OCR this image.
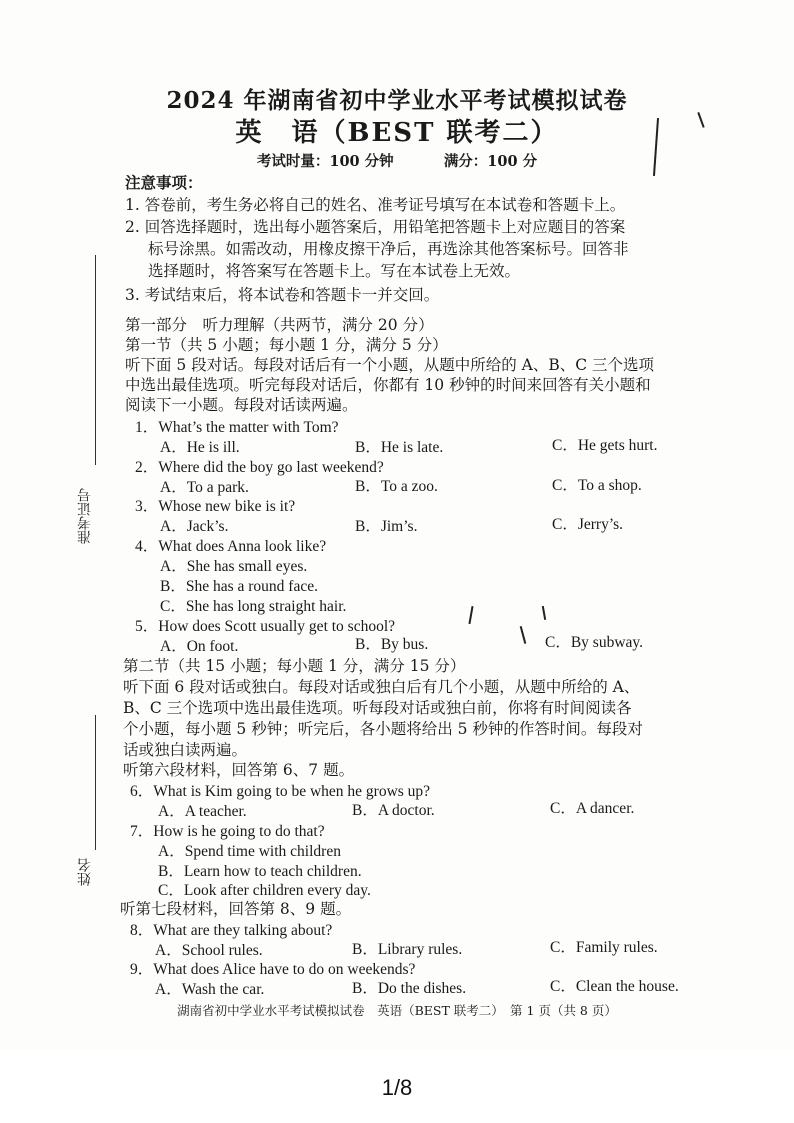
2024 年湖南省初中学业水平考试模拟试卷
英　语（BEST 联考二）
考试时量：100 分钟	满分：100 分
注意事项：
1. 答卷前，考生务必将自己的姓名、准考证号填写在本试卷和答题卡上。
2. 回答选择题时，选出每小题答案后，用铅笔把答题卡上对应题目的答案
标号涂黑。如需改动，用橡皮擦干净后，再选涂其他答案标号。回答非
选择题时，将答案写在答题卡上。写在本试卷上无效。
3. 考试结束后，将本试卷和答题卡一并交回。
第一部分　听力理解（共两节，满分 20 分）
第一节（共 5 小题；每小题 1 分，满分 5 分）
听下面 5 段对话。每段对话后有一个小题，从题中所给的 A、B、C 三个选项
中选出最佳选项。听完每段对话后，你都有 10 秒钟的时间来回答有关小题和
阅读下一小题。每段对话读两遍。
1．What’s the matter with Tom?
A．He is ill.	B．He is late.	C．He gets hurt.
2．Where did the boy go last weekend?
A．To a park.	B．To a zoo.	C．To a shop.
3．Whose new bike is it?
A．Jack’s.	B．Jim’s.	C．Jerry’s.
4．What does Anna look like?
A．She has small eyes.
B．She has a round face.
C．She has long straight hair.
5．How does Scott usually get to school?
A．On foot.	B．By bus.	C．By subway.
第二节（共 15 小题；每小题 1 分，满分 15 分）
听下面 6 段对话或独白。每段对话或独白后有几个小题，从题中所给的 A、
B、C 三个选项中选出最佳选项。听每段对话或独白前，你将有时间阅读各
个小题，每小题 5 秒钟；听完后，各小题将给出 5 秒钟的作答时间。每段对
话或独白读两遍。
听第六段材料，回答第 6、7 题。
6．What is Kim going to be when he grows up?
A．A teacher.	B．A doctor.	C．A dancer.
7．How is he going to do that?
A．Spend time with children
B．Learn how to teach children.
C．Look after children every day.
听第七段材料，回答第 8、9 题。
8．What are they talking about?
A．School rules.	B．Library rules.	C．Family rules.
9．What does Alice have to do on weekends?
A．Wash the car.	B．Do the dishes.	C．Clean the house.
准考证号
姓名
湖南省初中学业水平考试模拟试卷　英语（BEST 联考二）　第 1 页（共 8 页）
1/8
